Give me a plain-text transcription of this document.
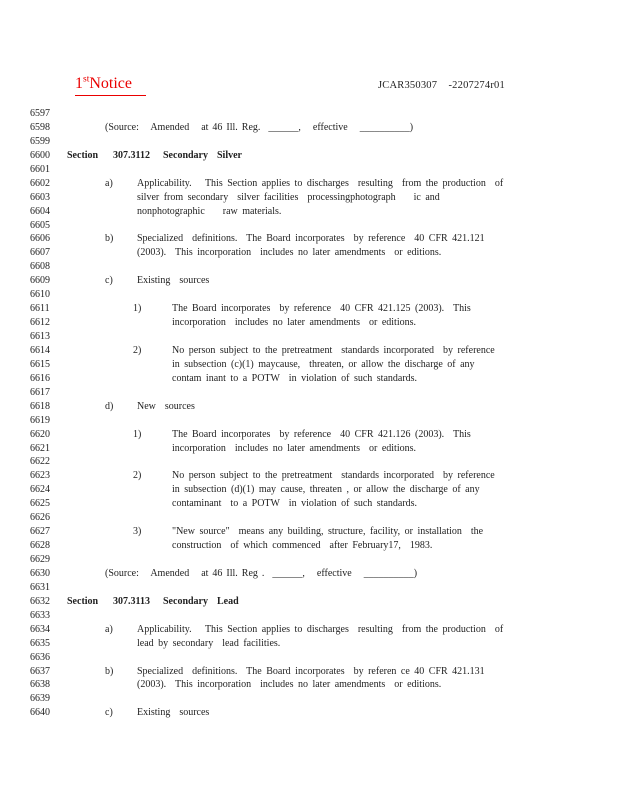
1stNotice	JCAR350307    -2207274r01
6597
6598	(Source:   Amended   at 46 Ill. Reg.  ______,   effective   __________)
6599
6600 Section 307.3112 Secondary Silver
6601
6602	a) Applicability.   This Section applies to discharges  resulting  from the production  of
6603	silver from secondary  silver facilities  processingphotograph    ic and
6604	nonphotographic    raw materials.
6605
6606	b) Specialized  definitions.  The Board incorporates  by reference  40 CFR 421.121
6607	(2003).  This incorporation  includes no later amendments  or editions.
6608
6609	c) Existing  sources
6610
6611	1)	The Board incorporates  by reference  40 CFR 421.125 (2003).  This
6612	incorporation  includes no later amendments  or editions.
6613
6614	2)	No person subject to the pretreatment  standards incorporated  by reference
6615	in subsection (c)(1) maycause,  threaten, or allow the discharge of any
6616	contam inant to a POTW  in violation of such standards.
6617
6618	d) New  sources
6619
6620	1)	The Board incorporates  by reference  40 CFR 421.126 (2003).  This
6621	incorporation  includes no later amendments  or editions.
6622
6623	2)	No person subject to the pretreatment  standards incorporated  by reference
6624	in subsection (d)(1) may cause, threaten , or allow the discharge of any
6625	contaminant  to a POTW  in violation of such standards.
6626
6627	3)	"New source"  means any building, structure, facility, or installation  the
6628	construction  of which commenced  after February17,  1983.
6629
6630	(Source:   Amended   at 46 Ill. Reg .  ______,   effective   __________)
6631
6632 Section 307.3113 Secondary Lead
6633
6634	a) Applicability.   This Section applies to discharges  resulting  from the production  of
6635	lead by secondary  lead facilities.
6636
6637	b) Specialized  definitions.  The Board incorporates  by referen ce 40 CFR 421.131
6638	(2003).  This incorporation  includes no later amendments  or editions.
6639
6640	c) Existing  sources
